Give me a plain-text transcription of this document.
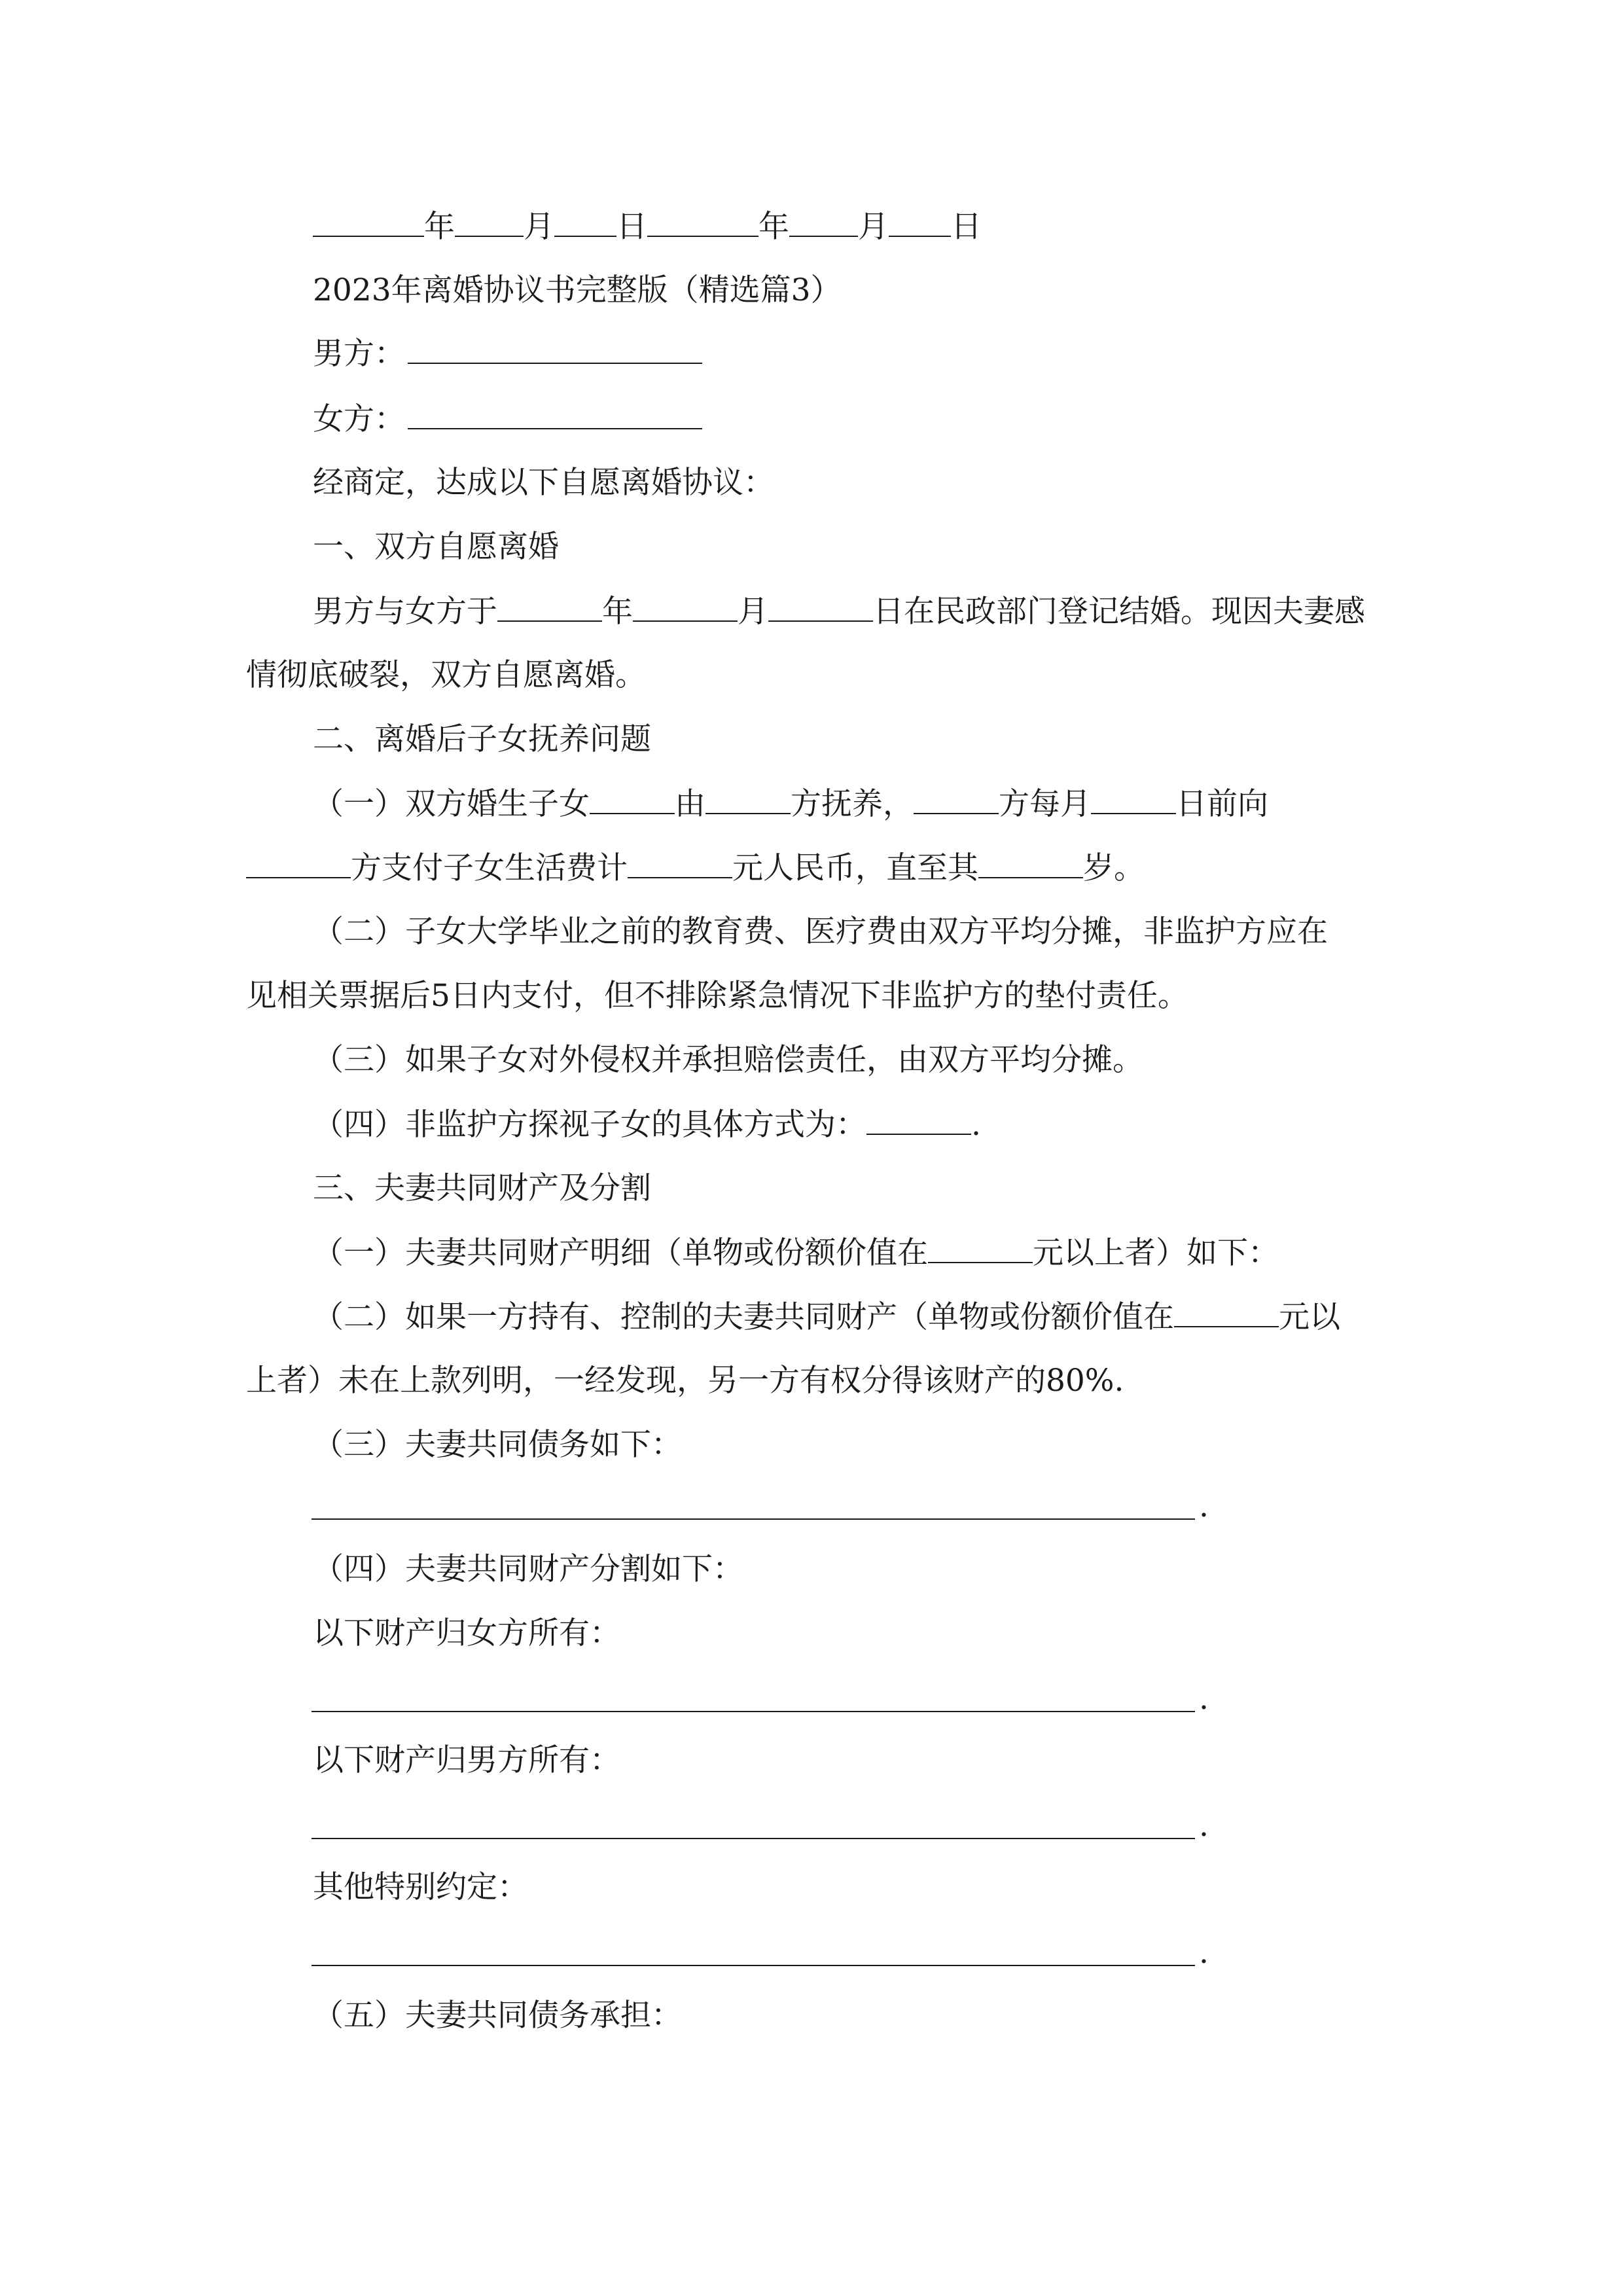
年 月 日	年 月 日
2023年离婚协议书完整版（精选篇3）
男方：
女方：
经商定，达成以下自愿离婚协议：
一、双方自愿离婚
男方与女方于	年	月	日在民政部门登记结婚。现因夫妻感
情彻底破裂，双方自愿离婚。
二、离婚后子女抚养问题
（一）双方婚生子女	由	方抚养，	方每月	日前向
方支付子女生活费计	元人民币，直至其	岁。
（二）子女大学毕业之前的教育费、医疗费由双方平均分摊，非监护方应在
见相关票据后5日内支付，但不排除紧急情况下非监护方的垫付责任。
（三）如果子女对外侵权并承担赔偿责任，由双方平均分摊。
（四）非监护方探视子女的具体方式为：	.
三、夫妻共同财产及分割
（一）夫妻共同财产明细（单物或份额价值在	元以上者）如下：
（二）如果一方持有、控制的夫妻共同财产（单物或份额价值在	元以
上者）未在上款列明，一经发现，另一方有权分得该财产的80%.
（三）夫妻共同债务如下：
.
（四）夫妻共同财产分割如下：
以下财产归女方所有：
.
以下财产归男方所有：
.
其他特别约定：
.
（五）夫妻共同债务承担：
